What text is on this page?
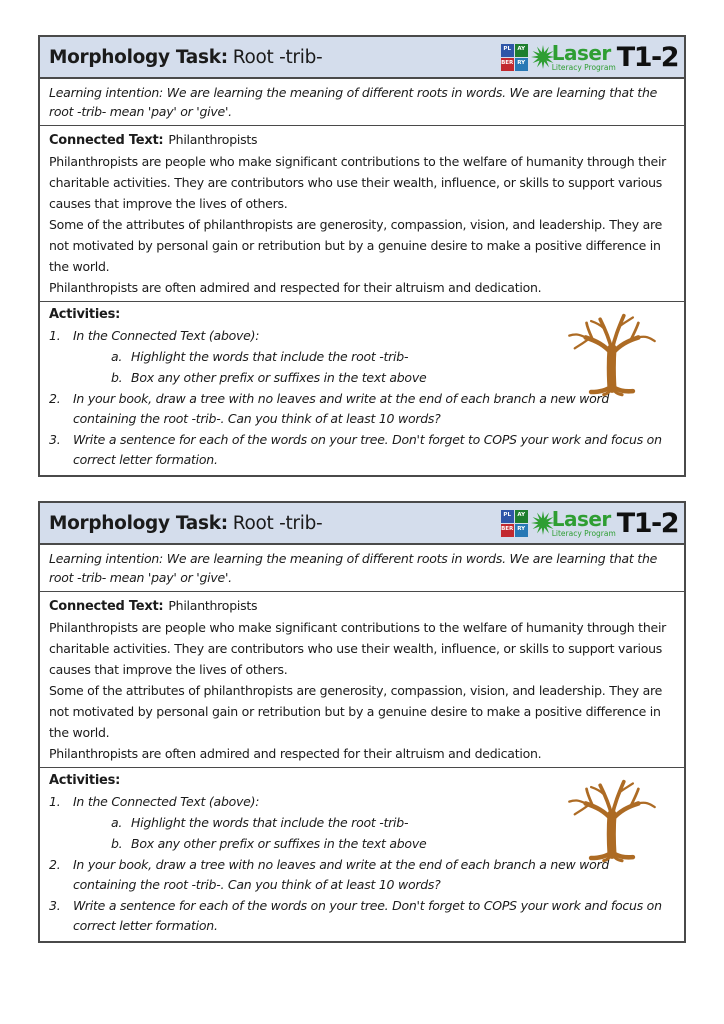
Morphology Task: Root -trib-	PL	AY
BER RY Laser
Literacy Program T1-2
Learning intention: We are learning the meaning of different roots in words. We are learning that the root -trib- mean 'pay' or 'give'.
Connected Text: Philanthropists
Philanthropists are people who make significant contributions to the welfare of humanity through their charitable activities. They are contributors who use their wealth, influence, or skills to support various causes that improve the lives of others.
Some of the attributes of philanthropists are generosity, compassion, vision, and leadership. They are not motivated by personal gain or retribution but by a genuine desire to make a positive difference in the world.
Philanthropists are often admired and respected for their altruism and dedication.
Activities:
1.	In the Connected Text (above):
a. Highlight the words that include the root -trib-
b. Box any other prefix or suffixes in the text above
2.	In your book, draw a tree with no leaves and write at the end of each branch a new word containing the root -trib-. Can you think of at least 10 words?
3.	Write a sentence for each of the words on your tree. Don't forget to COPS your work and focus on correct letter formation.
Morphology Task: Root -trib-	PL	AY
BER RY Laser
Literacy Program T1-2
Learning intention: We are learning the meaning of different roots in words. We are learning that the root -trib- mean 'pay' or 'give'.
Connected Text: Philanthropists
Philanthropists are people who make significant contributions to the welfare of humanity through their charitable activities. They are contributors who use their wealth, influence, or skills to support various causes that improve the lives of others.
Some of the attributes of philanthropists are generosity, compassion, vision, and leadership. They are not motivated by personal gain or retribution but by a genuine desire to make a positive difference in the world.
Philanthropists are often admired and respected for their altruism and dedication.
Activities:
1.	In the Connected Text (above):
a. Highlight the words that include the root -trib-
b. Box any other prefix or suffixes in the text above
2.	In your book, draw a tree with no leaves and write at the end of each branch a new word containing the root -trib-. Can you think of at least 10 words?
3.	Write a sentence for each of the words on your tree. Don't forget to COPS your work and focus on correct letter formation.
